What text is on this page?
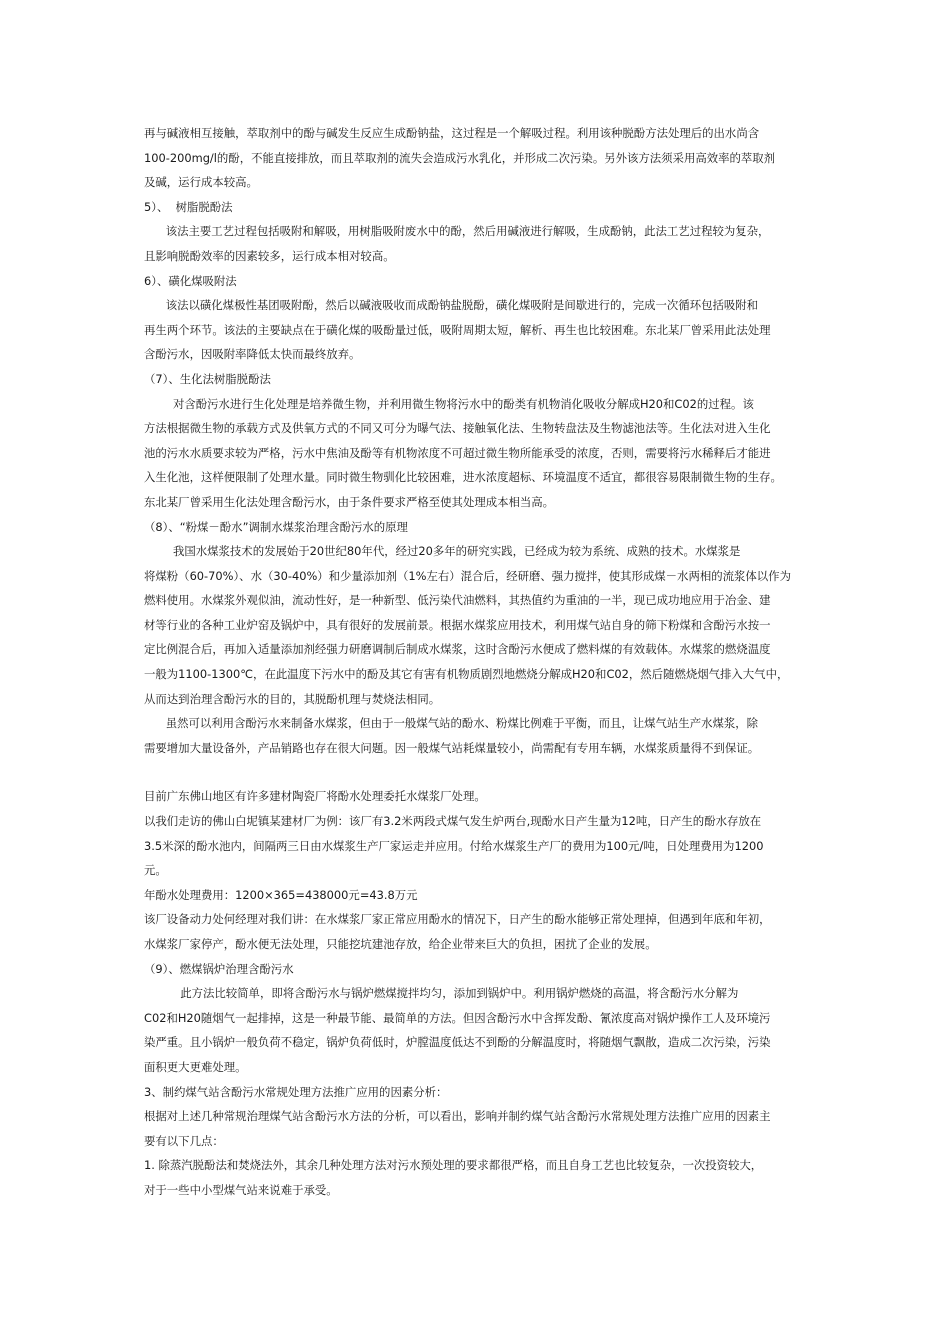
再与碱液相互接触，萃取剂中的酚与碱发生反应生成酚钠盐，这过程是一个解吸过程。利用该种脱酚方法处理后的出水尚含
100-200mg/l的酚，不能直接排放，而且萃取剂的流失会造成污水乳化，并形成二次污染。另外该方法须采用高效率的萃取剂
及碱，运行成本较高。
5）、  树脂脱酚法
该法主要工艺过程包括吸附和解吸，用树脂吸附废水中的酚，然后用碱液进行解吸，生成酚钠，此法工艺过程较为复杂，
且影响脱酚效率的因素较多，运行成本相对较高。
6）、磺化煤吸附法
该法以磺化煤极性基团吸附酚，然后以碱液吸收而成酚钠盐脱酚，磺化煤吸附是间歇进行的，完成一次循环包括吸附和
再生两个环节。该法的主要缺点在于磺化煤的吸酚量过低，吸附周期太短，解析、再生也比较困难。东北某厂曾采用此法处理
含酚污水，因吸附率降低太快而最终放弃。
（7）、生化法树脂脱酚法
对含酚污水进行生化处理是培养微生物，并利用微生物将污水中的酚类有机物消化吸收分解成H20和C02的过程。该
方法根据微生物的承载方式及供氧方式的不同又可分为曝气法、接触氧化法、生物转盘法及生物滤池法等。生化法对进入生化
池的污水水质要求较为严格，污水中焦油及酚等有机物浓度不可超过微生物所能承受的浓度，否则，需要将污水稀释后才能进
入生化池，这样便限制了处理水量。同时微生物驯化比较困难，进水浓度超标、环境温度不适宜，都很容易限制微生物的生存。
东北某厂曾采用生化法处理含酚污水，由于条件要求严格至使其处理成本相当高。
（8）、“粉煤－酚水”调制水煤浆治理含酚污水的原理
我国水煤浆技术的发展始于20世纪80年代，经过20多年的研究实践，已经成为较为系统、成熟的技术。水煤浆是
将煤粉（60-70%）、水（30-40%）和少量添加剂（1%左右）混合后，经研磨、强力搅拌，使其形成煤－水两相的流浆体以作为
燃料使用。水煤浆外观似油，流动性好，是一种新型、低污染代油燃料，其热值约为重油的一半，现已成功地应用于冶金、建
材等行业的各种工业炉窑及锅炉中，具有很好的发展前景。根据水煤浆应用技术，利用煤气站自身的筛下粉煤和含酚污水按一
定比例混合后，再加入适量添加剂经强力研磨调制后制成水煤浆，这时含酚污水便成了燃料煤的有效载体。水煤浆的燃烧温度
一般为1100-1300℃，在此温度下污水中的酚及其它有害有机物质剧烈地燃烧分解成H20和C02，然后随燃烧烟气排入大气中，
从而达到治理含酚污水的目的，其脱酚机理与焚烧法相同。
虽然可以利用含酚污水来制备水煤浆，但由于一般煤气站的酚水、粉煤比例难于平衡，而且，让煤气站生产水煤浆，除
需要增加大量设备外，产品销路也存在很大问题。因一般煤气站耗煤量较小，尚需配有专用车辆，水煤浆质量得不到保证。
目前广东佛山地区有许多建材陶瓷厂将酚水处理委托水煤浆厂处理。
以我们走访的佛山白坭镇某建材厂为例：该厂有3.2米两段式煤气发生炉两台,现酚水日产生量为12吨，日产生的酚水存放在
3.5米深的酚水池内，间隔两三日由水煤浆生产厂家运走并应用。付给水煤浆生产厂的费用为100元/吨，日处理费用为1200
元。
年酚水处理费用：1200×365=438000元=43.8万元
该厂设备动力处何经理对我们讲：在水煤浆厂家正常应用酚水的情况下，日产生的酚水能够正常处理掉，但遇到年底和年初，
水煤浆厂家停产，酚水便无法处理，只能挖坑建池存放，给企业带来巨大的负担，困扰了企业的发展。
（9）、燃煤锅炉治理含酚污水
此方法比较简单，即将含酚污水与锅炉燃煤搅拌均匀，添加到锅炉中。利用锅炉燃烧的高温，将含酚污水分解为
C02和H20随烟气一起排掉，这是一种最节能、最简单的方法。但因含酚污水中含挥发酚、氰浓度高对锅炉操作工人及环境污
染严重。且小锅炉一般负荷不稳定，锅炉负荷低时，炉膛温度低达不到酚的分解温度时，将随烟气飘散，造成二次污染，污染
面积更大更难处理。
3、制约煤气站含酚污水常规处理方法推广应用的因素分析：
根据对上述几种常规治理煤气站含酚污水方法的分析，可以看出，影响并制约煤气站含酚污水常规处理方法推广应用的因素主
要有以下几点：
1. 除蒸汽脱酚法和焚烧法外，其余几种处理方法对污水预处理的要求都很严格，而且自身工艺也比较复杂，一次投资较大，
对于一些中小型煤气站来说难于承受。
